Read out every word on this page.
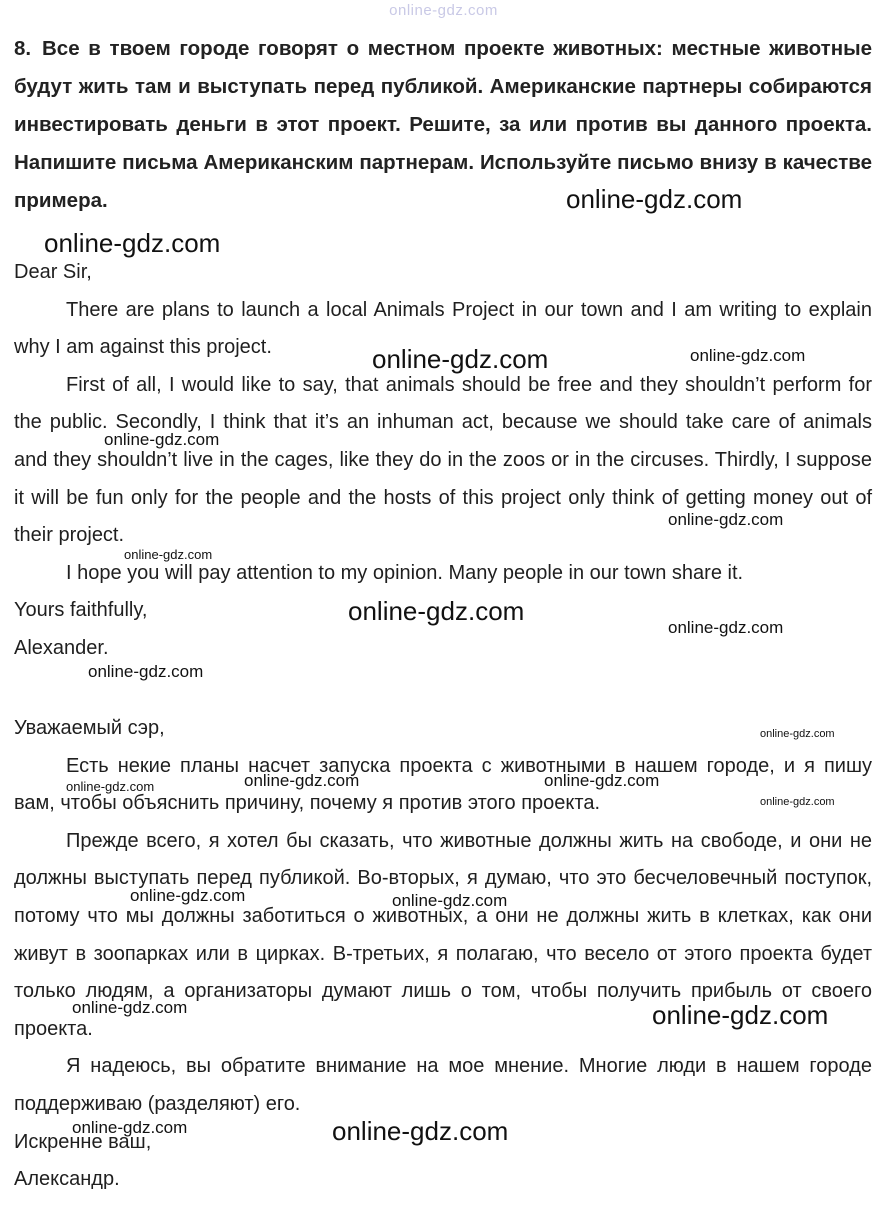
online-gdz.com
8. Все в твоем городе говорят о местном проекте животных: местные животные будут жить там и выступать перед публикой. Американские партнеры собираются инвестировать деньги в этот проект. Решите, за или против вы данного проекта. Напишите письма Американским партнерам. Используйте письмо внизу в качестве примера.

Dear Sir,

There are plans to launch a local Animals Project in our town and I am writing to explain why I am against this project.

First of all, I would like to say, that animals should be free and they shouldn’t perform for the public. Secondly, I think that it’s an inhuman act, because we should take care of animals and they shouldn’t live in the cages, like they do in the zoos or in the circuses. Thirdly, I suppose it will be fun only for the people and the hosts of this project only think of getting money out of their project.

I hope you will pay attention to my opinion. Many people in our town share it.

Yours faithfully,

Alexander.

Уважаемый сэр,

Есть некие планы насчет запуска проекта с животными в нашем городе, и я пишу вам, чтобы объяснить причину, почему я против этого проекта.

Прежде всего, я хотел бы сказать, что животные должны жить на свободе, и они не должны выступать перед публикой. Во-вторых, я думаю, что это бесчеловечный поступок, потому что мы должны заботиться о животных, а они не должны жить в клетках, как они живут в зоопарках или в цирках. В-третьих, я полагаю, что весело от этого проекта будет только людям, а организаторы думают лишь о том, чтобы получить прибыль от своего проекта.

Я надеюсь, вы обратите внимание на мое мнение. Многие люди в нашем городе поддерживаю (разделяют) его.

Искренне ваш,

Александр.

online-gdz.com
online-gdz.com
online-gdz.com	online-gdz.com
online-gdz.com
online-gdz.com
online-gdz.com
online-gdz.com
online-gdz.com
online-gdz.com
online-gdz.com
online-gdz.com	online-gdz.com
online-gdz.com
online-gdz.com
online-gdz.com	online-gdz.com
online-gdz.com	online-gdz.com
online-gdz.com	online-gdz.com
